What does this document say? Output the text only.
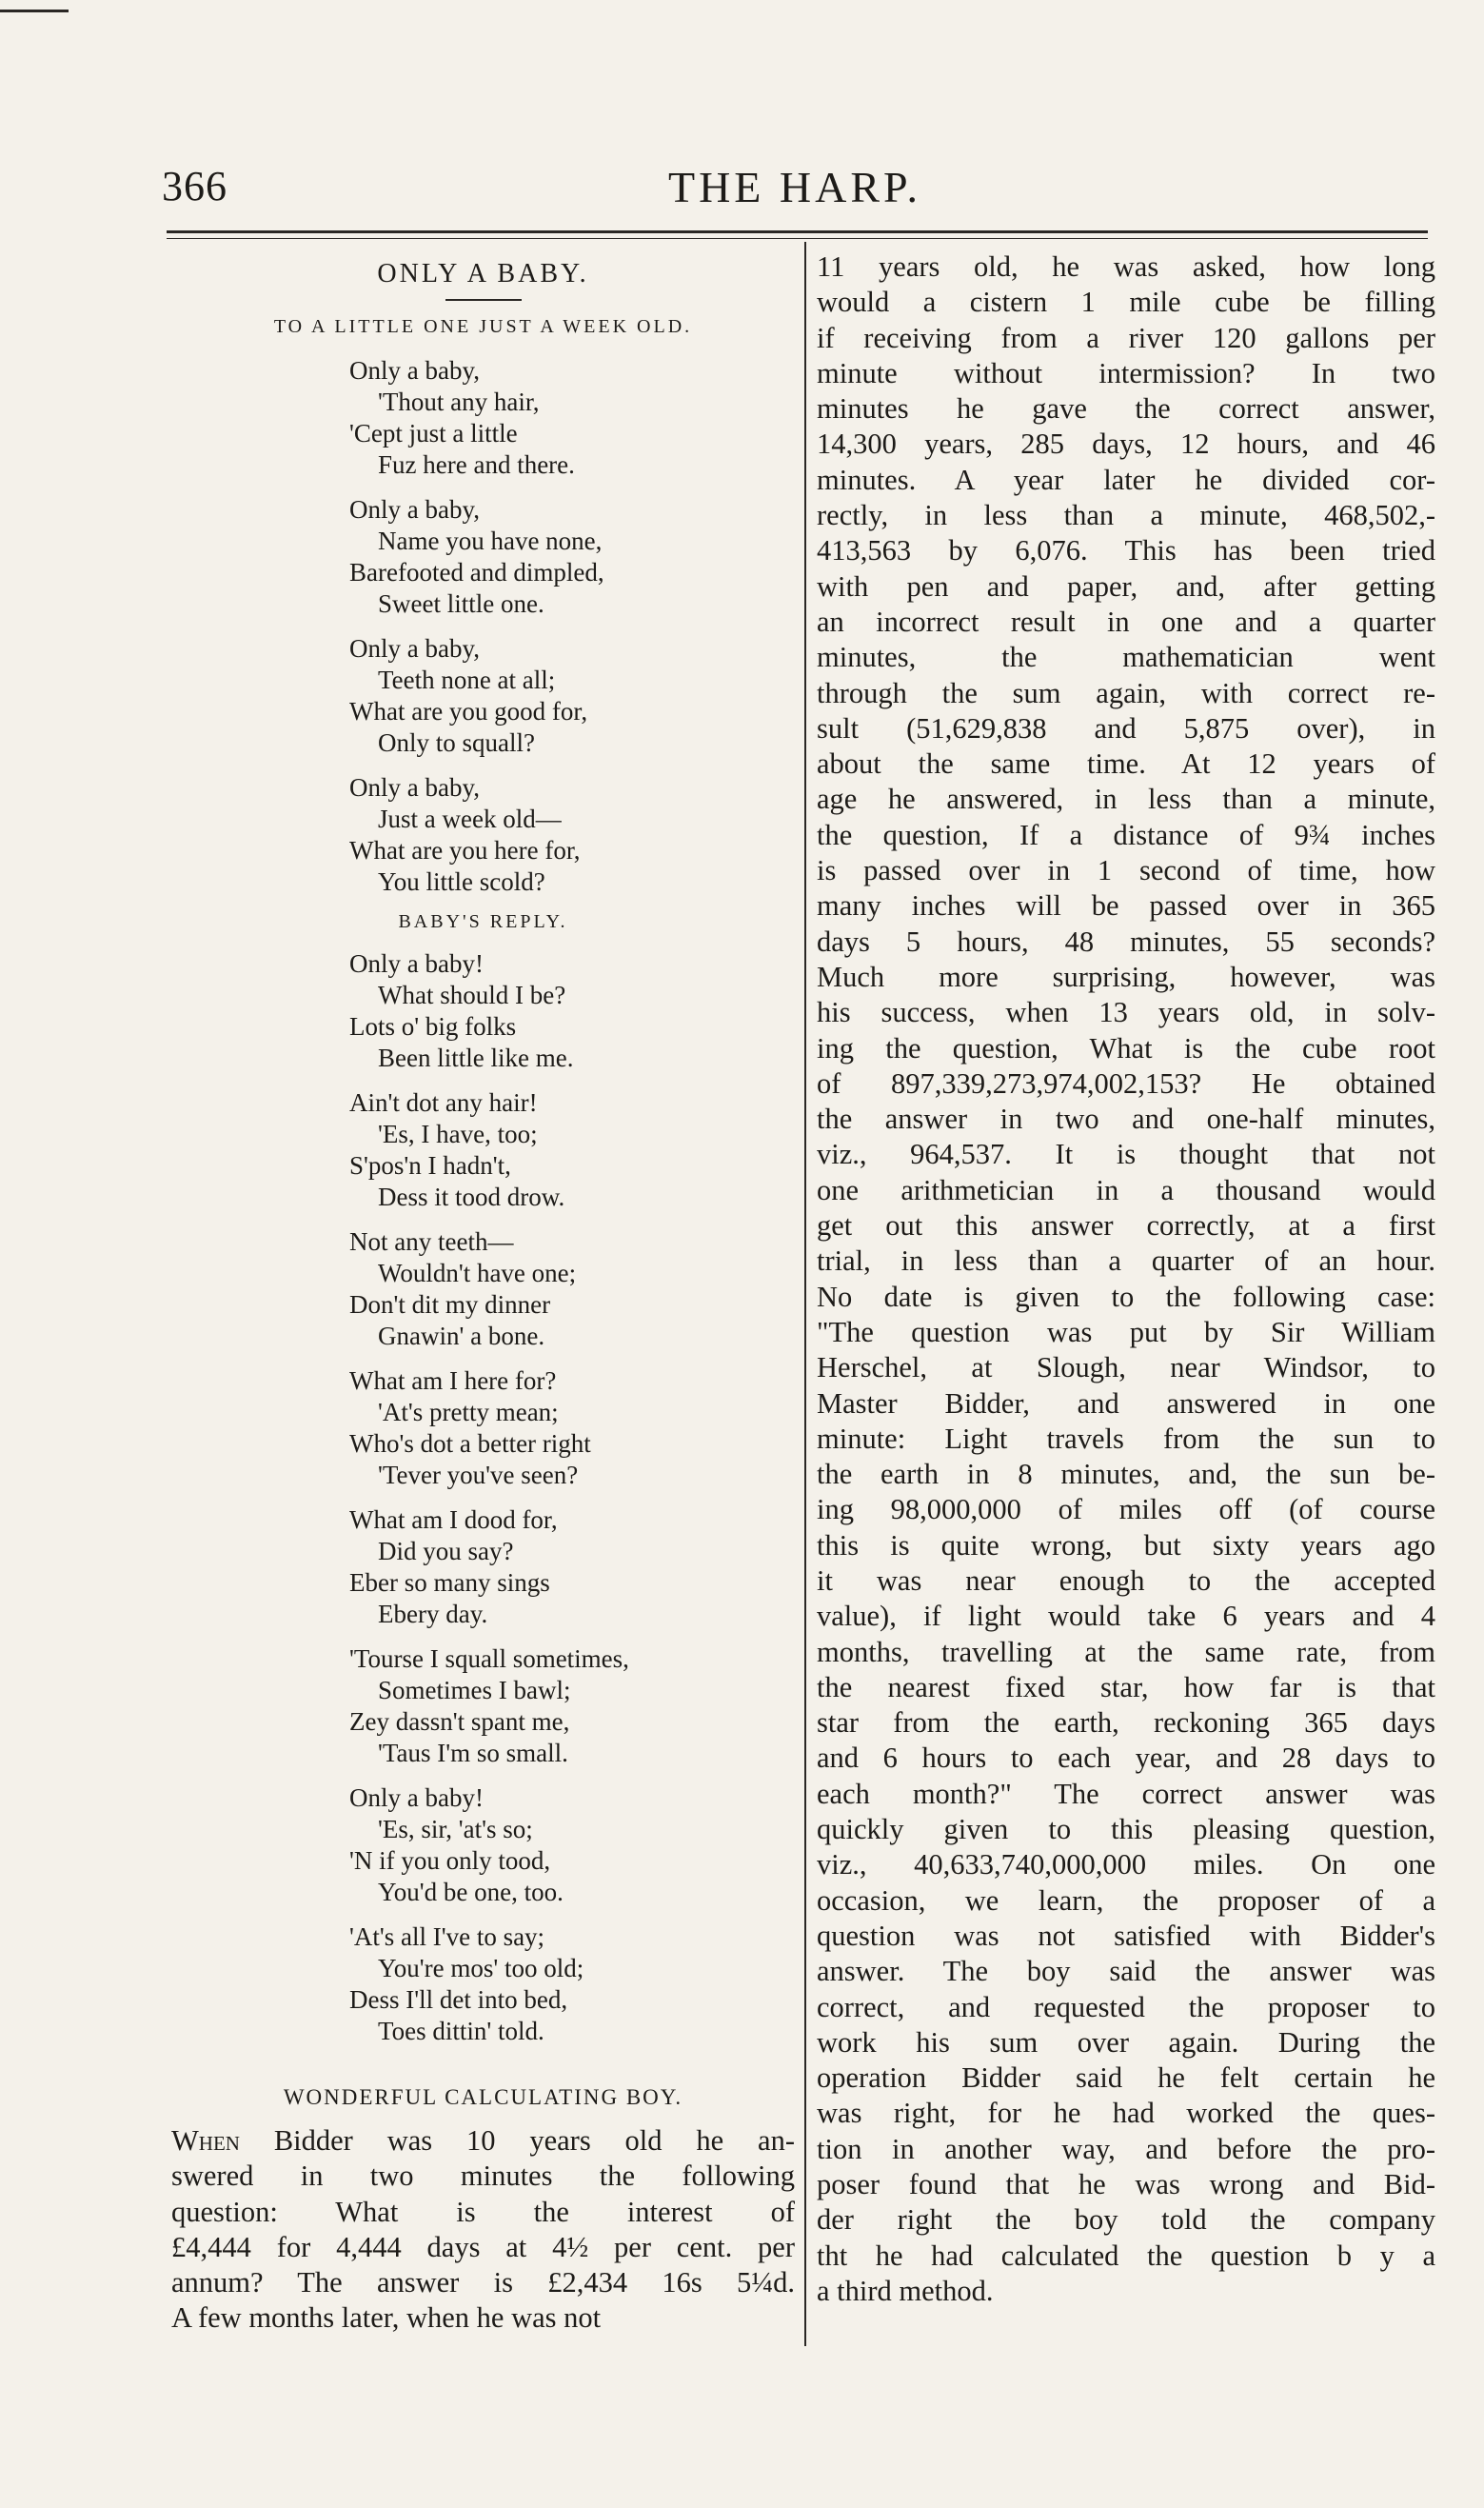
366	THE HARP.
ONLY A BABY.
TO A LITTLE ONE JUST A WEEK OLD.
Only a baby,
'Thout any hair,
'Cept just a little
Fuz here and there.
Only a baby,
Name you have none,
Barefooted and dimpled,
Sweet little one.
Only a baby,
Teeth none at all;
What are you good for,
Only to squall?
Only a baby,
Just a week old—
What are you here for,
You little scold?
BABY'S REPLY.
Only a baby!
What should I be?
Lots o' big folks
Been little like me.
Ain't dot any hair!
'Es, I have, too;
S'pos'n I hadn't,
Dess it tood drow.
Not any teeth—
Wouldn't have one;
Don't dit my dinner
Gnawin' a bone.
What am I here for?
'At's pretty mean;
Who's dot a better right
'Tever you've seen?
What am I dood for,
Did you say?
Eber so many sings
Ebery day.
'Tourse I squall sometimes,
Sometimes I bawl;
Zey dassn't spant me,
'Taus I'm so small.
Only a baby!
'Es, sir, 'at's so;
'N if you only tood,
You'd be one, too.
'At's all I've to say;
You're mos' too old;
Dess I'll det into bed,
Toes dittin' told.
WONDERFUL CALCULATING BOY.
When Bidder was 10 years old he an-
swered in two minutes the following
question: What is the interest of
£4,444 for 4,444 days at 4½ per cent. per
annum? The answer is £2,434 16s 5¼d.
A few months later, when he was not
11 years old, he was asked, how long
would a cistern 1 mile cube be filling
if receiving from a river 120 gallons per
minute without intermission? In two
minutes he gave the correct answer,
14,300 years, 285 days, 12 hours, and 46
minutes. A year later he divided cor-
rectly, in less than a minute, 468,502,-
413,563 by 6,076. This has been tried
with pen and paper, and, after getting
an incorrect result in one and a quarter
minutes, the mathematician went
through the sum again, with correct re-
sult (51,629,838 and 5,875 over), in
about the same time. At 12 years of
age he answered, in less than a minute,
the question, If a distance of 9¾ inches
is passed over in 1 second of time, how
many inches will be passed over in 365
days 5 hours, 48 minutes, 55 seconds?
Much more surprising, however, was
his success, when 13 years old, in solv-
ing the question, What is the cube root
of 897,339,273,974,002,153? He obtained
the answer in two and one-half minutes,
viz., 964,537. It is thought that not
one arithmetician in a thousand would
get out this answer correctly, at a first
trial, in less than a quarter of an hour.
No date is given to the following case:
"The question was put by Sir William
Herschel, at Slough, near Windsor, to
Master Bidder, and answered in one
minute: Light travels from the sun to
the earth in 8 minutes, and, the sun be-
ing 98,000,000 of miles off (of course
this is quite wrong, but sixty years ago
it was near enough to the accepted
value), if light would take 6 years and 4
months, travelling at the same rate, from
the nearest fixed star, how far is that
star from the earth, reckoning 365 days
and 6 hours to each year, and 28 days to
each month?" The correct answer was
quickly given to this pleasing question,
viz., 40,633,740,000,000 miles. On one
occasion, we learn, the proposer of a
question was not satisfied with Bidder's
answer. The boy said the answer was
correct, and requested the proposer to
work his sum over again. During the
operation Bidder said he felt certain he
was right, for he had worked the ques-
tion in another way, and before the pro-
poser found that he was wrong and Bid-
der right the boy told the company
tht he had calculated the question b y a
a third method.
